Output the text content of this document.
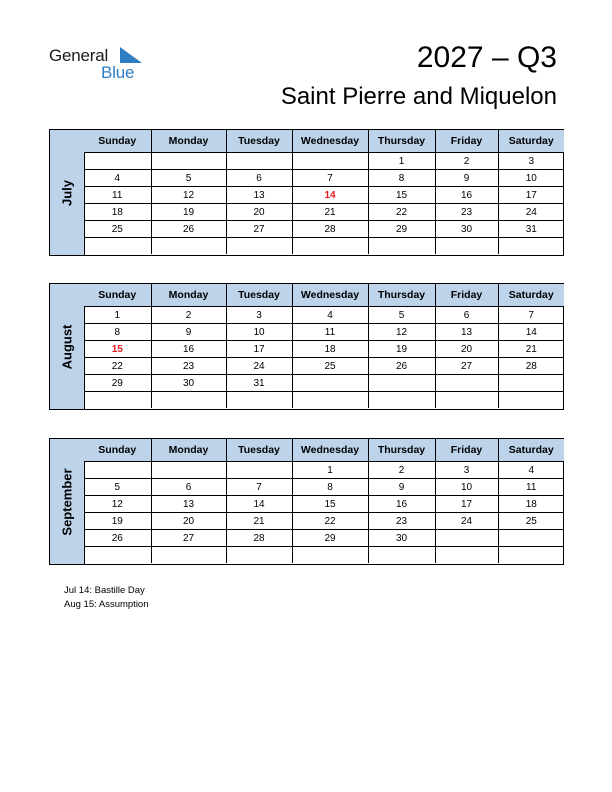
General
Blue	2027 – Q3
Saint Pierre and Miquelon
July
Sunday	Monday	Tuesday	Wednesday	Thursday	Friday	Saturday
				1	2	3
4	5	6	7	8	9	10
11	12	13	14	15	16	17
18	19	20	21	22	23	24
25	26	27	28	29	30	31

August
Sunday	Monday	Tuesday	Wednesday	Thursday	Friday	Saturday
1	2	3	4	5	6	7
8	9	10	11	12	13	14
15	16	17	18	19	20	21
22	23	24	25	26	27	28
29	30	31				

September
Sunday	Monday	Tuesday	Wednesday	Thursday	Friday	Saturday
			1	2	3	4
5	6	7	8	9	10	11
12	13	14	15	16	17	18
19	20	21	22	23	24	25
26	27	28	29	30		

Jul 14: Bastille Day
Aug 15: Assumption
